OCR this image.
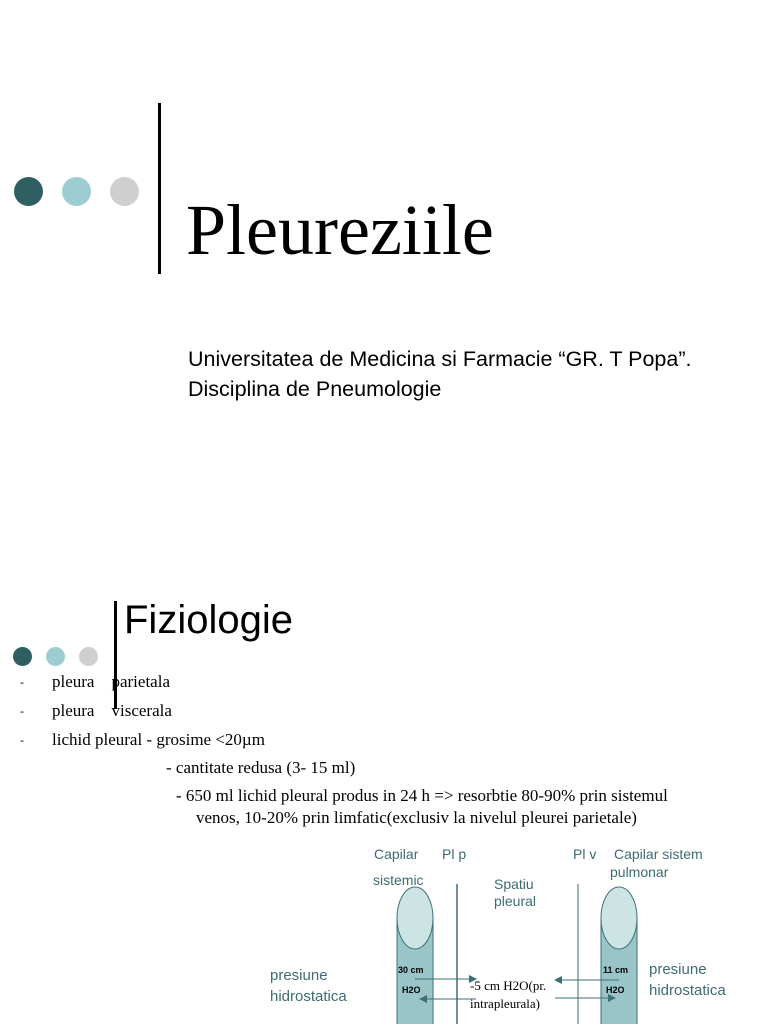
Pleureziile
Universitatea de Medicina si Farmacie “GR. T Popa”. Disciplina de Pneumologie
Fiziologie
- pleura    parietala
- pleura    viscerala
- lichid pleural - grosime <20µm
- cantitate redusa (3- 15 ml)
- 650 ml lichid pleural produs in 24 h => resorbtie 80-90% prin sistemul
venos, 10-20% prin limfatic(exclusiv la nivelul pleurei parietale)
Capilar
sistemic
Pl p	Pl v Capilar sistem
pulmonar
Spatiu
pleural
presiune
hidrostatica
presiune
hidrostatica
30 cm
H2O
11 cm
H2O
-5 cm H2O(pr.
intrapleurala)
